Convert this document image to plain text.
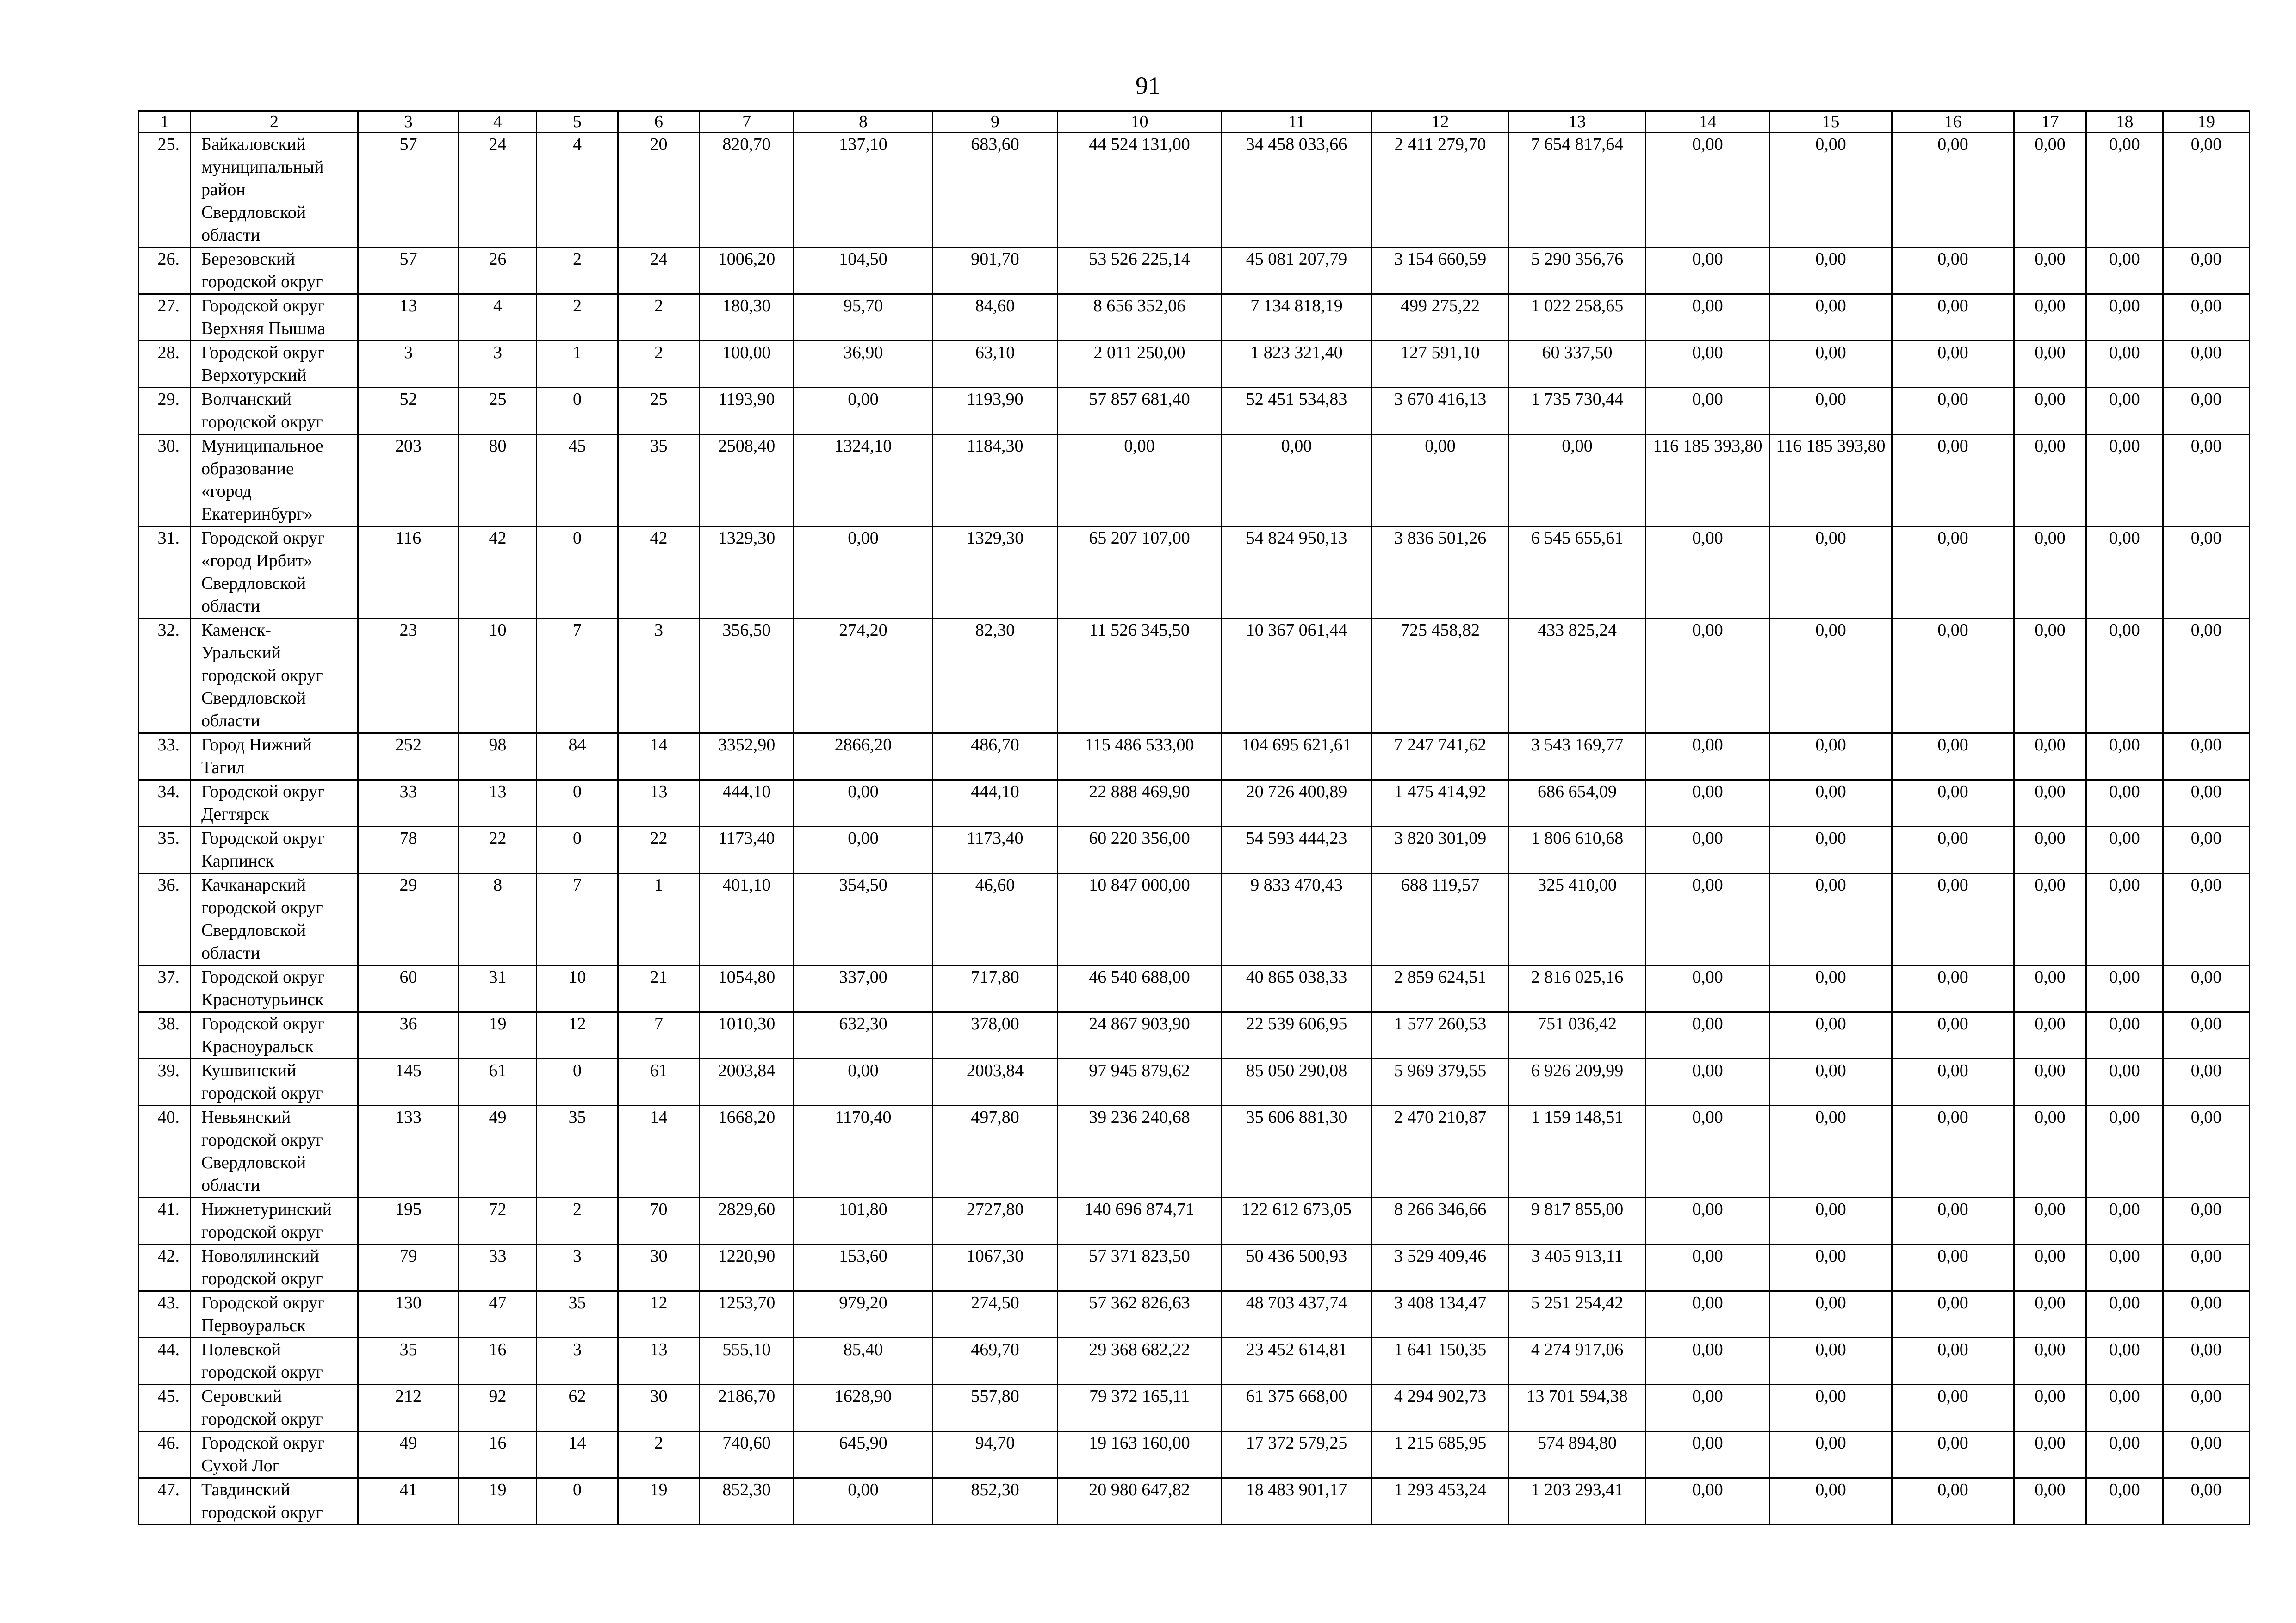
91
1	2	3	4	5	6	7	8	9	10	11	12	13	14	15	16	17	18	19
25.	Байкаловский
муниципальный
район
Свердловской
области	57	24	4	20	820,70	137,10	683,60	44 524 131,00	34 458 033,66	2 411 279,70	7 654 817,64	0,00	0,00	0,00	0,00	0,00	0,00
26.	Березовский
городской округ	57	26	2	24	1006,20	104,50	901,70	53 526 225,14	45 081 207,79	3 154 660,59	5 290 356,76	0,00	0,00	0,00	0,00	0,00	0,00
27.	Городской округ
Верхняя Пышма	13	4	2	2	180,30	95,70	84,60	8 656 352,06	7 134 818,19	499 275,22	1 022 258,65	0,00	0,00	0,00	0,00	0,00	0,00
28.	Городской округ
Верхотурский	3	3	1	2	100,00	36,90	63,10	2 011 250,00	1 823 321,40	127 591,10	60 337,50	0,00	0,00	0,00	0,00	0,00	0,00
29.	Волчанский
городской округ	52	25	0	25	1193,90	0,00	1193,90	57 857 681,40	52 451 534,83	3 670 416,13	1 735 730,44	0,00	0,00	0,00	0,00	0,00	0,00
30.	Муниципальное
образование
«город
Екатеринбург»	203	80	45	35	2508,40	1324,10	1184,30	0,00	0,00	0,00	0,00	116 185 393,80	116 185 393,80	0,00	0,00	0,00	0,00
31.	Городской округ
«город Ирбит»
Свердловской
области	116	42	0	42	1329,30	0,00	1329,30	65 207 107,00	54 824 950,13	3 836 501,26	6 545 655,61	0,00	0,00	0,00	0,00	0,00	0,00
32.	Каменск-
Уральский
городской округ
Свердловской
области	23	10	7	3	356,50	274,20	82,30	11 526 345,50	10 367 061,44	725 458,82	433 825,24	0,00	0,00	0,00	0,00	0,00	0,00
33.	Город Нижний
Тагил	252	98	84	14	3352,90	2866,20	486,70	115 486 533,00	104 695 621,61	7 247 741,62	3 543 169,77	0,00	0,00	0,00	0,00	0,00	0,00
34.	Городской округ
Дегтярск	33	13	0	13	444,10	0,00	444,10	22 888 469,90	20 726 400,89	1 475 414,92	686 654,09	0,00	0,00	0,00	0,00	0,00	0,00
35.	Городской округ
Карпинск	78	22	0	22	1173,40	0,00	1173,40	60 220 356,00	54 593 444,23	3 820 301,09	1 806 610,68	0,00	0,00	0,00	0,00	0,00	0,00
36.	Качканарский
городской округ
Свердловской
области	29	8	7	1	401,10	354,50	46,60	10 847 000,00	9 833 470,43	688 119,57	325 410,00	0,00	0,00	0,00	0,00	0,00	0,00
37.	Городской округ
Краснотурьинск	60	31	10	21	1054,80	337,00	717,80	46 540 688,00	40 865 038,33	2 859 624,51	2 816 025,16	0,00	0,00	0,00	0,00	0,00	0,00
38.	Городской округ
Красноуральск	36	19	12	7	1010,30	632,30	378,00	24 867 903,90	22 539 606,95	1 577 260,53	751 036,42	0,00	0,00	0,00	0,00	0,00	0,00
39.	Кушвинский
городской округ	145	61	0	61	2003,84	0,00	2003,84	97 945 879,62	85 050 290,08	5 969 379,55	6 926 209,99	0,00	0,00	0,00	0,00	0,00	0,00
40.	Невьянский
городской округ
Свердловской
области	133	49	35	14	1668,20	1170,40	497,80	39 236 240,68	35 606 881,30	2 470 210,87	1 159 148,51	0,00	0,00	0,00	0,00	0,00	0,00
41.	Нижнетуринский
городской округ	195	72	2	70	2829,60	101,80	2727,80	140 696 874,71	122 612 673,05	8 266 346,66	9 817 855,00	0,00	0,00	0,00	0,00	0,00	0,00
42.	Новолялинский
городской округ	79	33	3	30	1220,90	153,60	1067,30	57 371 823,50	50 436 500,93	3 529 409,46	3 405 913,11	0,00	0,00	0,00	0,00	0,00	0,00
43.	Городской округ
Первоуральск	130	47	35	12	1253,70	979,20	274,50	57 362 826,63	48 703 437,74	3 408 134,47	5 251 254,42	0,00	0,00	0,00	0,00	0,00	0,00
44.	Полевской
городской округ	35	16	3	13	555,10	85,40	469,70	29 368 682,22	23 452 614,81	1 641 150,35	4 274 917,06	0,00	0,00	0,00	0,00	0,00	0,00
45.	Серовский
городской округ	212	92	62	30	2186,70	1628,90	557,80	79 372 165,11	61 375 668,00	4 294 902,73	13 701 594,38	0,00	0,00	0,00	0,00	0,00	0,00
46.	Городской округ
Сухой Лог	49	16	14	2	740,60	645,90	94,70	19 163 160,00	17 372 579,25	1 215 685,95	574 894,80	0,00	0,00	0,00	0,00	0,00	0,00
47.	Тавдинский
городской округ	41	19	0	19	852,30	0,00	852,30	20 980 647,82	18 483 901,17	1 293 453,24	1 203 293,41	0,00	0,00	0,00	0,00	0,00	0,00
